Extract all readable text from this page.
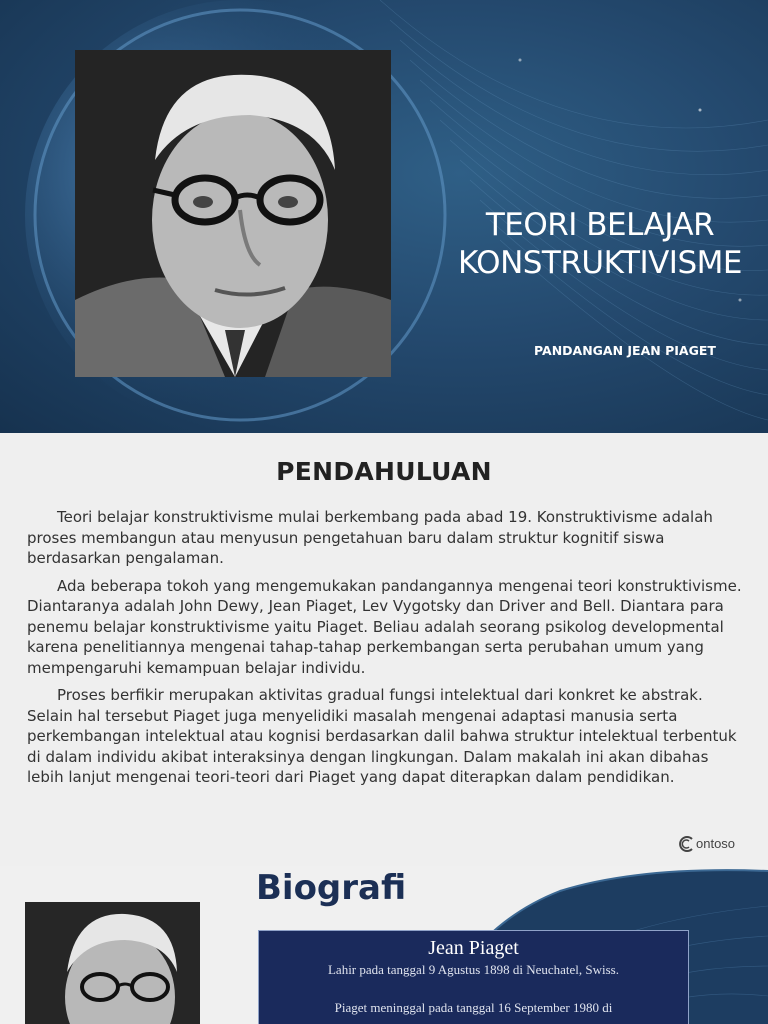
TEORI BELAJAR KONSTRUKTIVISME
PANDANGAN JEAN PIAGET
PENDAHULUAN

Teori belajar konstruktivisme mulai berkembang pada abad 19. Konstruktivisme adalah proses membangun atau menyusun pengetahuan baru dalam struktur kognitif siswa berdasarkan pengalaman.

Ada beberapa tokoh yang mengemukakan pandangannya mengenai teori konstruktivisme. Diantaranya adalah John Dewy, Jean Piaget, Lev Vygotsky dan Driver and Bell. Diantara para penemu belajar konstruktivisme yaitu Piaget. Beliau adalah seorang psikolog developmental karena penelitiannya mengenai tahap-tahap perkembangan serta perubahan umum yang mempengaruhi kemampuan belajar individu.

Proses berfikir merupakan aktivitas gradual fungsi intelektual dari konkret ke abstrak. Selain hal tersebut Piaget juga menyelidiki masalah mengenai adaptasi manusia serta perkembangan intelektual atau kognisi berdasarkan dalil bahwa struktur intelektual terbentuk di dalam individu akibat interaksinya dengan lingkungan. Dalam makalah ini akan dibahas lebih lanjut mengenai teori-teori dari Piaget yang dapat diterapkan dalam pendidikan.

ontoso
Biografi
Jean Piaget
Lahir pada tanggal 9 Agustus 1898 di Neuchatel, Swiss.
Piaget meninggal pada tanggal 16 September 1980 di
